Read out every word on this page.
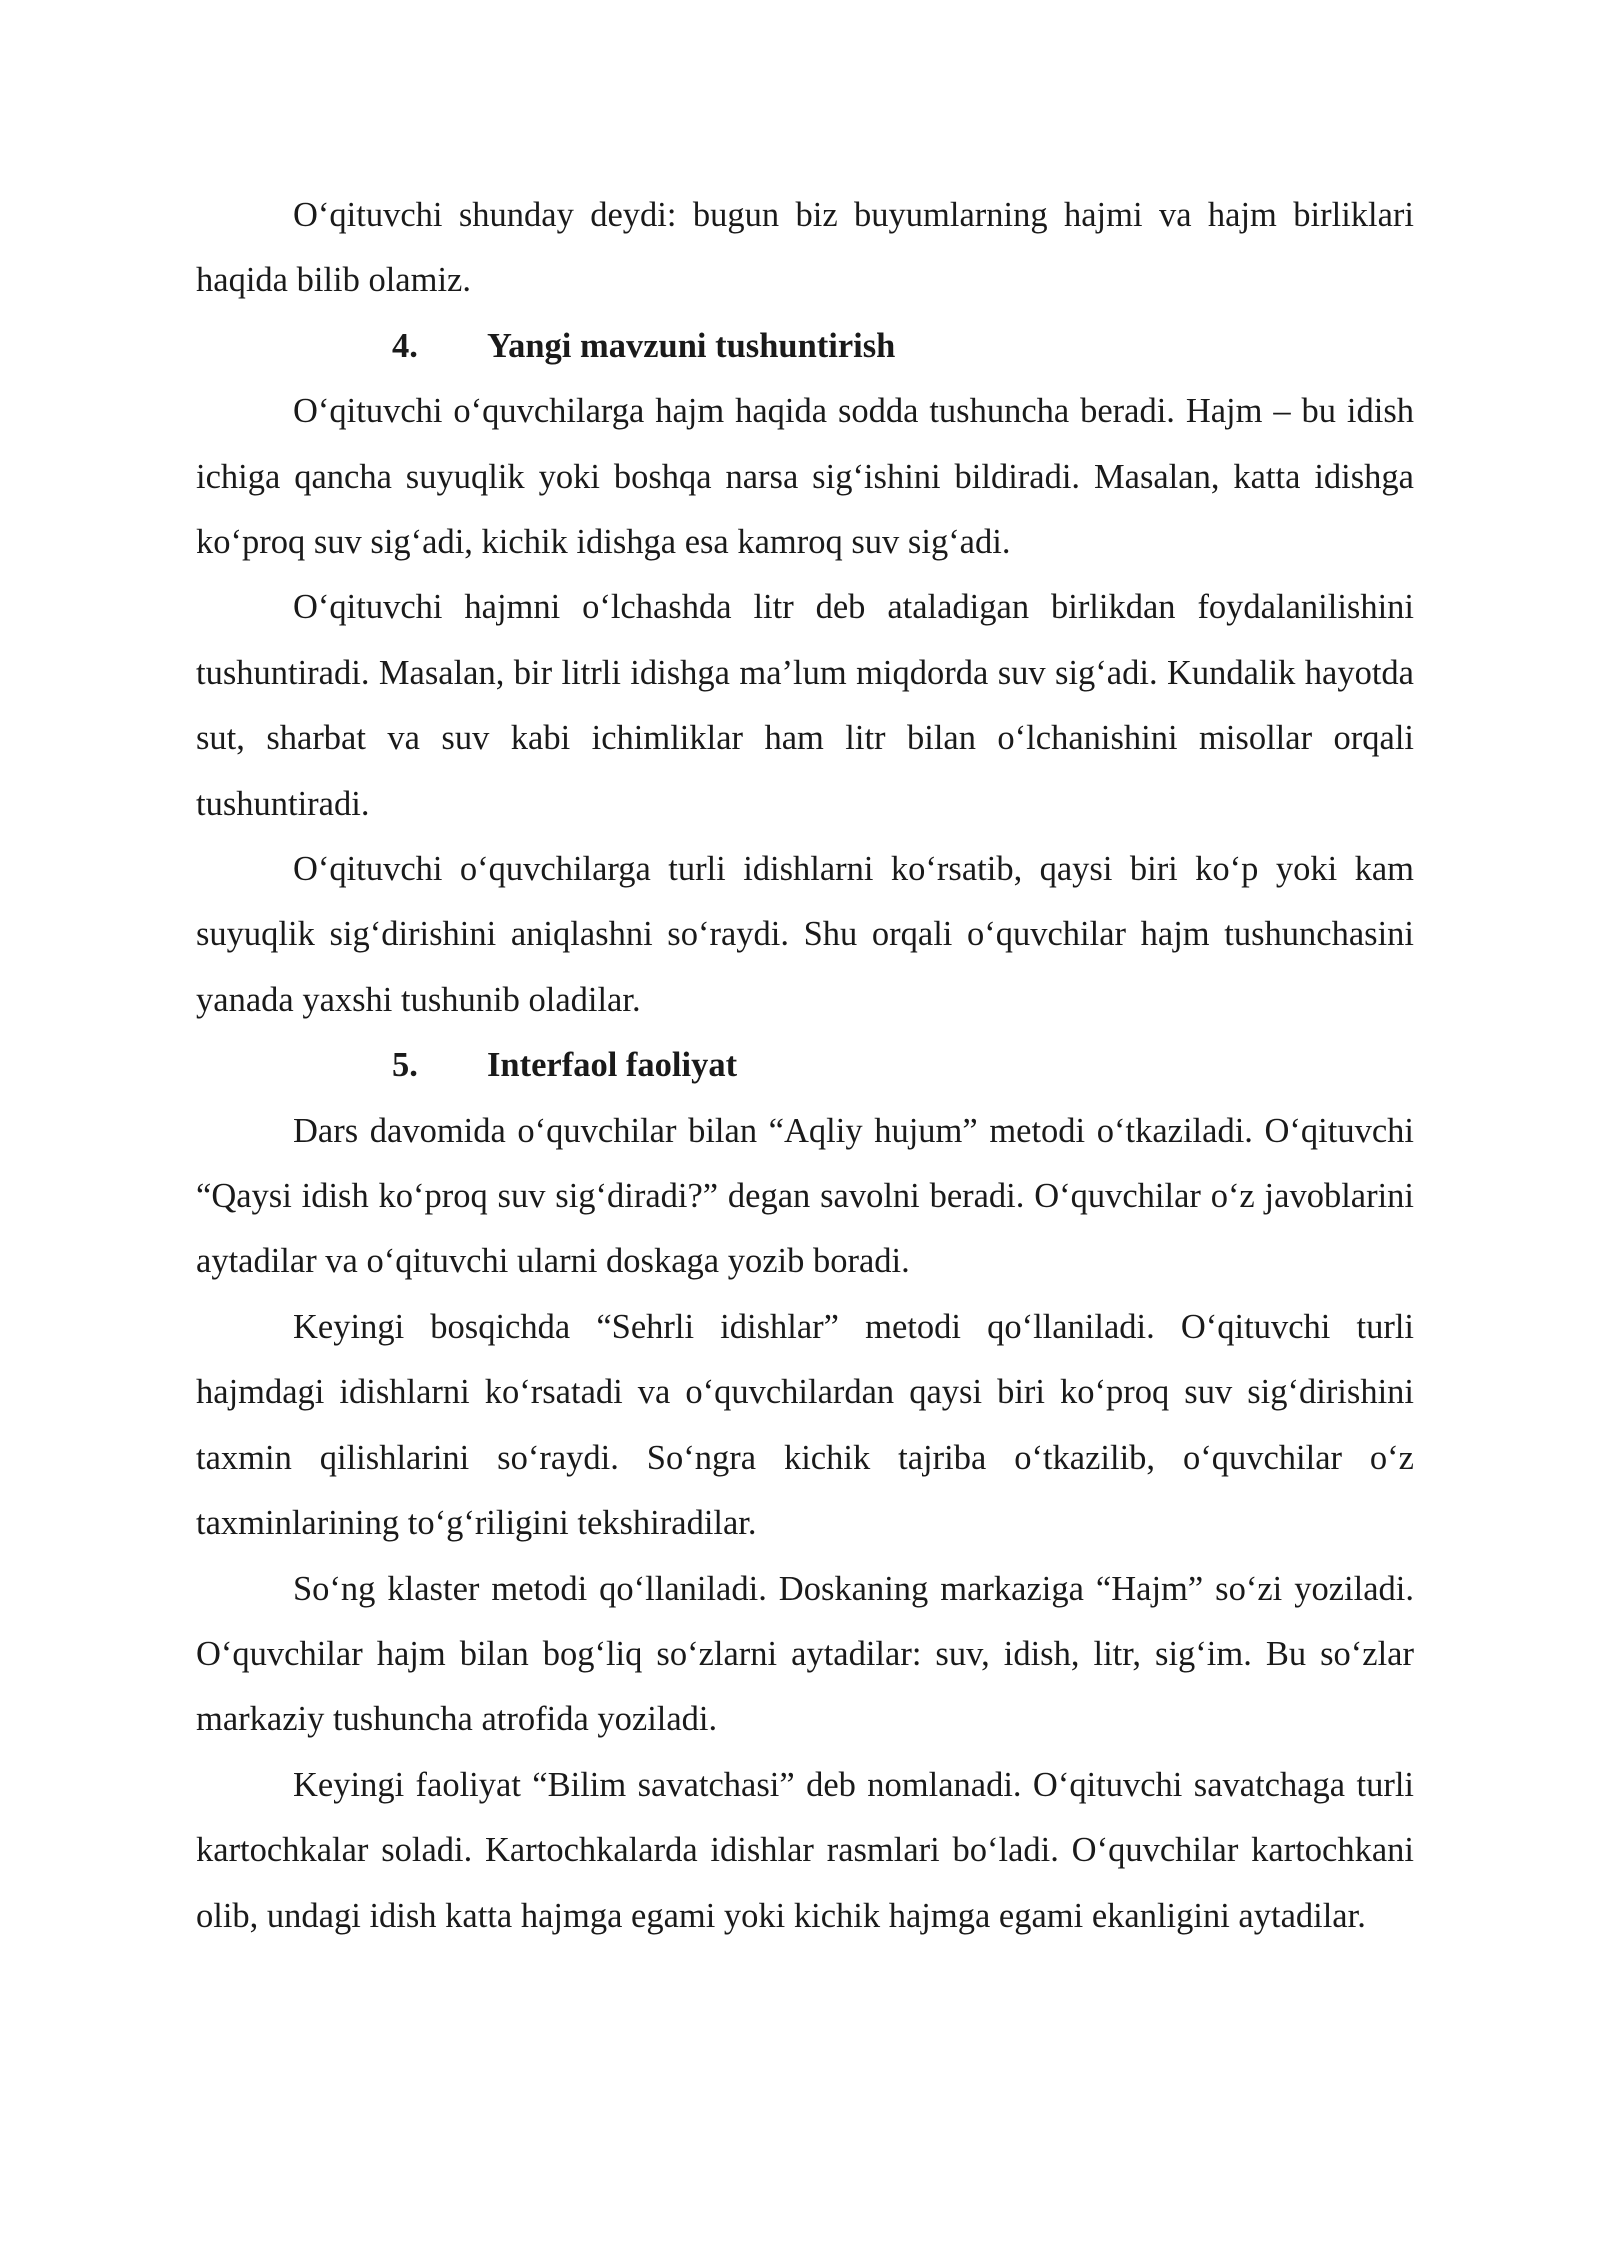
O‘qituvchi shunday deydi: bugun biz buyumlarning hajmi va hajm birliklari haqida bilib olamiz.

4. Yangi mavzuni tushuntirish

O‘qituvchi o‘quvchilarga hajm haqida sodda tushuncha beradi. Hajm – bu idish ichiga qancha suyuqlik yoki boshqa narsa sig‘ishini bildiradi. Masalan, katta idishga ko‘proq suv sig‘adi, kichik idishga esa kamroq suv sig‘adi.

O‘qituvchi hajmni o‘lchashda litr deb ataladigan birlikdan foydalanilishini tushuntiradi. Masalan, bir litrli idishga ma’lum miqdorda suv sig‘adi. Kundalik hayotda sut, sharbat va suv kabi ichimliklar ham litr bilan o‘lchanishini misollar orqali tushuntiradi.

O‘qituvchi o‘quvchilarga turli idishlarni ko‘rsatib, qaysi biri ko‘p yoki kam suyuqlik sig‘dirishini aniqlashni so‘raydi. Shu orqali o‘quvchilar hajm tushunchasini yanada yaxshi tushunib oladilar.

5. Interfaol faoliyat

Dars davomida o‘quvchilar bilan “Aqliy hujum” metodi o‘tkaziladi. O‘qituvchi “Qaysi idish ko‘proq suv sig‘diradi?” degan savolni beradi. O‘quvchilar o‘z javoblarini aytadilar va o‘qituvchi ularni doskaga yozib boradi.

Keyingi bosqichda “Sehrli idishlar” metodi qo‘llaniladi. O‘qituvchi turli hajmdagi idishlarni ko‘rsatadi va o‘quvchilardan qaysi biri ko‘proq suv sig‘dirishini taxmin qilishlarini so‘raydi. So‘ngra kichik tajriba o‘tkazilib, o‘quvchilar o‘z taxminlarining to‘g‘riligini tekshiradilar.

So‘ng klaster metodi qo‘llaniladi. Doskaning markaziga “Hajm” so‘zi yoziladi. O‘quvchilar hajm bilan bog‘liq so‘zlarni aytadilar: suv, idish, litr, sig‘im. Bu so‘zlar markaziy tushuncha atrofida yoziladi.

Keyingi faoliyat “Bilim savatchasi” deb nomlanadi. O‘qituvchi savatchaga turli kartochkalar soladi. Kartochkalarda idishlar rasmlari bo‘ladi. O‘quvchilar kartochkani olib, undagi idish katta hajmga egami yoki kichik hajmga egami ekanligini aytadilar.
